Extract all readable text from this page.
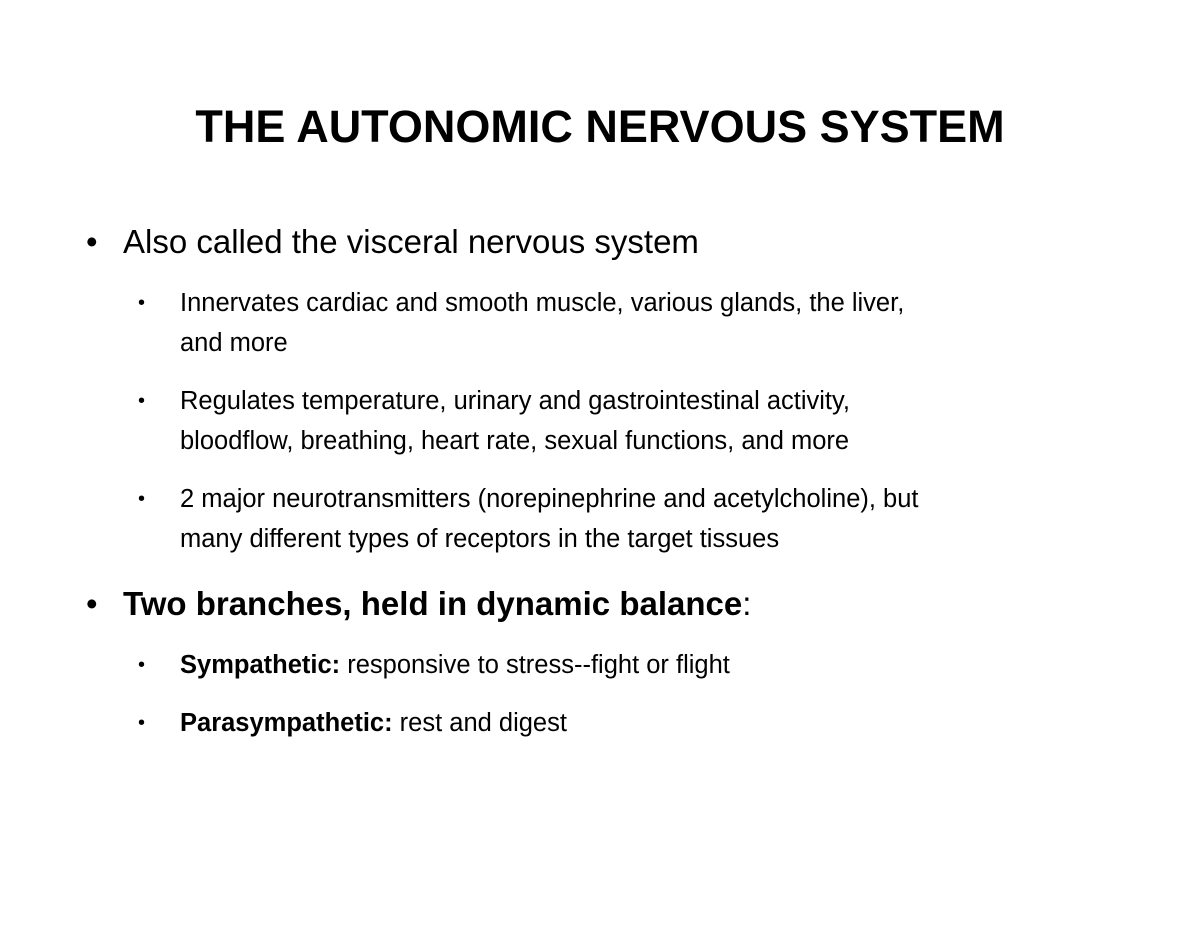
THE AUTONOMIC NERVOUS SYSTEM
• Also called the visceral nervous system
• Innervates cardiac and smooth muscle, various glands, the liver,
and more
• Regulates temperature, urinary and gastrointestinal activity,
bloodflow, breathing, heart rate, sexual functions, and more
• 2 major neurotransmitters (norepinephrine and acetylcholine), but
many different types of receptors in the target tissues
• Two branches, held in dynamic balance:
• Sympathetic: responsive to stress--fight or flight
• Parasympathetic: rest and digest
